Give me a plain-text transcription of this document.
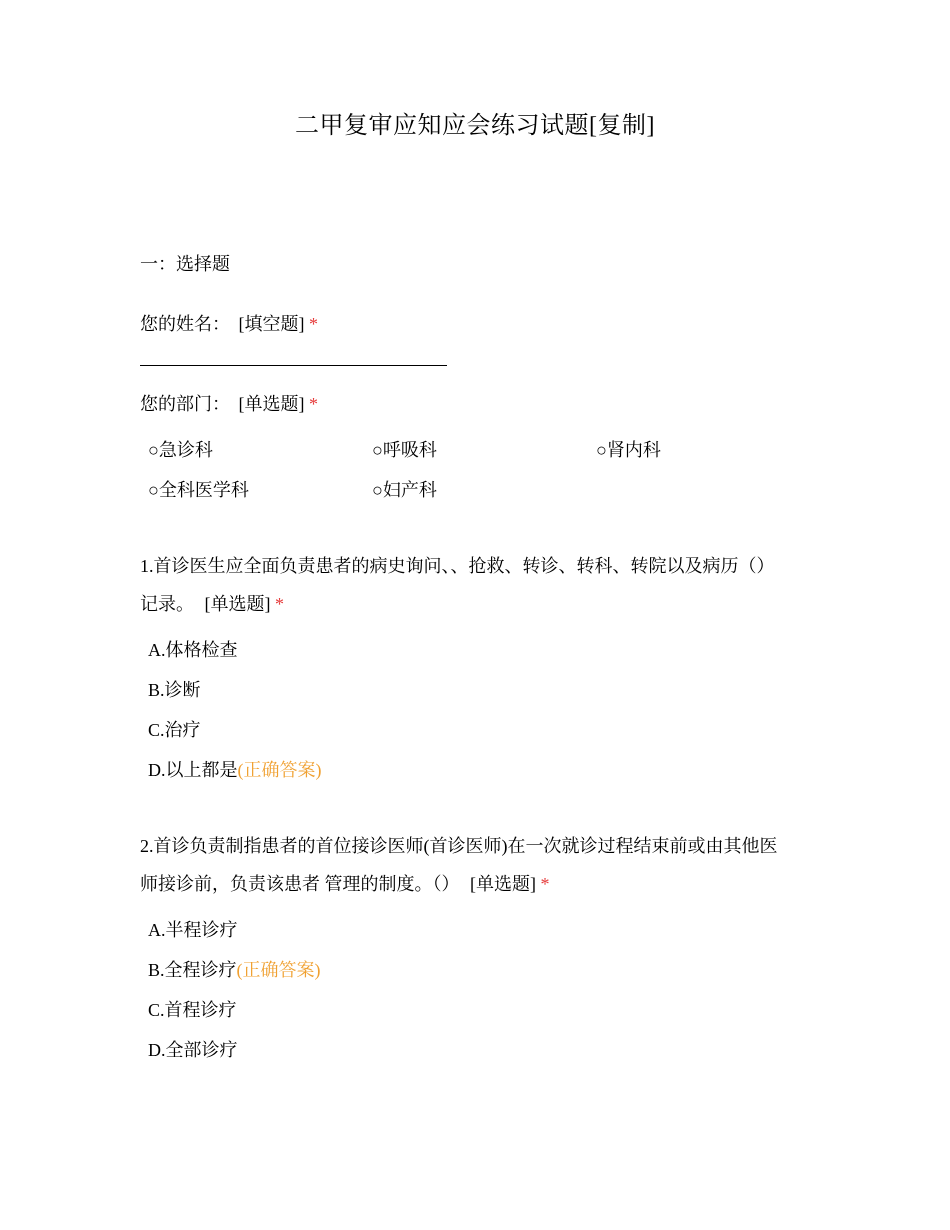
二甲复审应知应会练习试题[复制]
一：选择题
您的姓名： [填空题] *
您的部门： [单选题] *
○急诊科	○呼吸科	○肾内科
○全科医学科	○妇产科
1.首诊医生应全面负责患者的病史询问、、抢救、转诊、转科、转院以及病历（）
记录。 [单选题] *
A.体格检查
B.诊断
C.治疗
D.以上都是(正确答案)
2.首诊负责制指患者的首位接诊医师(首诊医师)在一次就诊过程结束前或由其他医
师接诊前，负责该患者 管理的制度。（） [单选题] *
A.半程诊疗
B.全程诊疗(正确答案)
C.首程诊疗
D.全部诊疗
